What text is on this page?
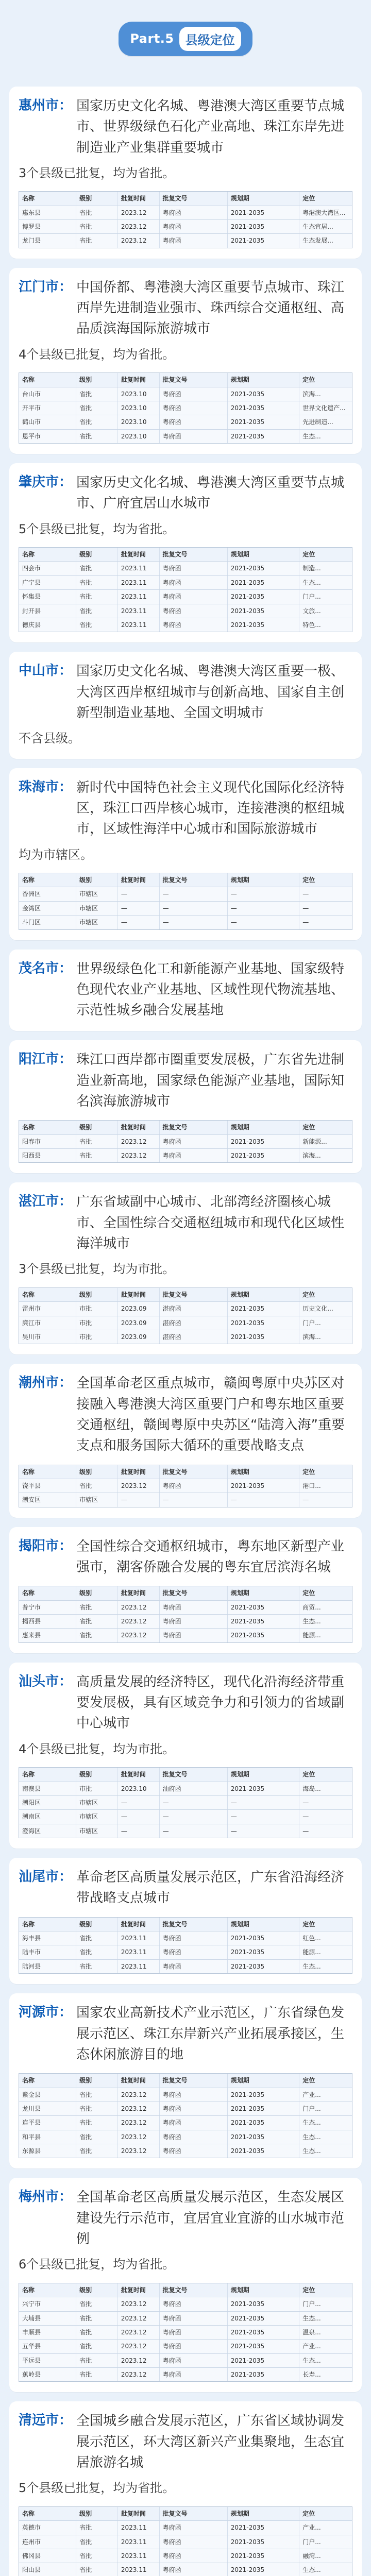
Part.5 县级定位
惠州市： 国家历史文化名城、粤港澳大湾区重要节点城市、世界级绿色石化产业高地、珠江东岸先进制造业产业集群重要城市
3个县级已批复，均为省批。
名称	级别	批复时间	批复文号	规划期	定位
惠东县	省批	2023.12	粤府函	2021-2035	粤港澳大湾区...
博罗县	省批	2023.12	粤府函	2021-2035	生态宜居...
龙门县	省批	2023.12	粤府函	2021-2035	生态发展...
江门市： 中国侨都、粤港澳大湾区重要节点城市、珠江西岸先进制造业强市、珠西综合交通枢纽、高品质滨海国际旅游城市
4个县级已批复，均为省批。
名称	级别	批复时间	批复文号	规划期	定位
台山市	省批	2023.10	粤府函	2021-2035	滨海...
开平市	省批	2023.10	粤府函	2021-2035	世界文化遗产...
鹤山市	省批	2023.10	粤府函	2021-2035	先进制造...
恩平市	省批	2023.10	粤府函	2021-2035	生态...
肇庆市： 国家历史文化名城、粤港澳大湾区重要节点城市、广府宜居山水城市
5个县级已批复，均为省批。
名称	级别	批复时间	批复文号	规划期	定位
四会市	省批	2023.11	粤府函	2021-2035	制造...
广宁县	省批	2023.11	粤府函	2021-2035	生态...
怀集县	省批	2023.11	粤府函	2021-2035	门户...
封开县	省批	2023.11	粤府函	2021-2035	文旅...
德庆县	省批	2023.11	粤府函	2021-2035	特色...
中山市： 国家历史文化名城、粤港澳大湾区重要一极、大湾区西岸枢纽城市与创新高地、国家自主创新型制造业基地、全国文明城市
不含县级。
珠海市： 新时代中国特色社会主义现代化国际化经济特区，珠江口西岸核心城市，连接港澳的枢纽城市，区域性海洋中心城市和国际旅游城市
均为市辖区。
名称	级别	批复时间	批复文号	规划期	定位
香洲区	市辖区	—	—	—	—
金湾区	市辖区	—	—	—	—
斗门区	市辖区	—	—	—	—
茂名市： 世界级绿色化工和新能源产业基地、国家级特色现代农业产业基地、区域性现代物流基地、示范性城乡融合发展基地
阳江市： 珠江口西岸都市圈重要发展极，广东省先进制造业新高地，国家绿色能源产业基地，国际知名滨海旅游城市
名称	级别	批复时间	批复文号	规划期	定位
阳春市	省批	2023.12	粤府函	2021-2035	新能源...
阳西县	省批	2023.12	粤府函	2021-2035	滨海...
湛江市： 广东省域副中心城市、北部湾经济圈核心城市、全国性综合交通枢纽城市和现代化区域性海洋城市
3个县级已批复，均为市批。
名称	级别	批复时间	批复文号	规划期	定位
雷州市	市批	2023.09	湛府函	2021-2035	历史文化...
廉江市	市批	2023.09	湛府函	2021-2035	门户...
吴川市	市批	2023.09	湛府函	2021-2035	滨海...
潮州市： 全国革命老区重点城市，赣闽粤原中央苏区对接融入粤港澳大湾区重要门户和粤东地区重要交通枢纽，赣闽粤原中央苏区“陆湾入海”重要支点和服务国际大循环的重要战略支点
名称	级别	批复时间	批复文号	规划期	定位
饶平县	省批	2023.12	粤府函	2021-2035	港口...
潮安区	市辖区	—	—	—	—
揭阳市： 全国性综合交通枢纽城市，粤东地区新型产业强市，潮客侨融合发展的粤东宜居滨海名城
名称	级别	批复时间	批复文号	规划期	定位
普宁市	省批	2023.12	粤府函	2021-2035	商贸...
揭西县	省批	2023.12	粤府函	2021-2035	生态...
惠来县	省批	2023.12	粤府函	2021-2035	能源...
汕头市： 高质量发展的经济特区，现代化沿海经济带重要发展极，具有区域竞争力和引领力的省域副中心城市
4个县级已批复，均为市批。
名称	级别	批复时间	批复文号	规划期	定位
南澳县	市批	2023.10	汕府函	2021-2035	海岛...
潮阳区	市辖区	—	—	—	—
潮南区	市辖区	—	—	—	—
澄海区	市辖区	—	—	—	—
汕尾市： 革命老区高质量发展示范区，广东省沿海经济带战略支点城市
名称	级别	批复时间	批复文号	规划期	定位
海丰县	省批	2023.11	粤府函	2021-2035	红色...
陆丰市	省批	2023.11	粤府函	2021-2035	能源...
陆河县	省批	2023.11	粤府函	2021-2035	生态...
河源市： 国家农业高新技术产业示范区，广东省绿色发展示范区、珠江东岸新兴产业拓展承接区，生态休闲旅游目的地
名称	级别	批复时间	批复文号	规划期	定位
紫金县	省批	2023.12	粤府函	2021-2035	产业...
龙川县	省批	2023.12	粤府函	2021-2035	门户...
连平县	省批	2023.12	粤府函	2021-2035	生态...
和平县	省批	2023.12	粤府函	2021-2035	生态...
东源县	省批	2023.12	粤府函	2021-2035	生态...
梅州市： 全国革命老区高质量发展示范区，生态发展区建设先行示范市，宜居宜业宜游的山水城市范例
6个县级已批复，均为省批。
名称	级别	批复时间	批复文号	规划期	定位
兴宁市	省批	2023.12	粤府函	2021-2035	门户...
大埔县	省批	2023.12	粤府函	2021-2035	生态...
丰顺县	省批	2023.12	粤府函	2021-2035	温泉...
五华县	省批	2023.12	粤府函	2021-2035	产业...
平远县	省批	2023.12	粤府函	2021-2035	生态...
蕉岭县	省批	2023.12	粤府函	2021-2035	长寿...
清远市： 全国城乡融合发展示范区，广东省区域协调发展示范区，环大湾区新兴产业集聚地，生态宜居旅游名城
5个县级已批复，均为省批。
名称	级别	批复时间	批复文号	规划期	定位
英德市	省批	2023.11	粤府函	2021-2035	产业...
连州市	省批	2023.11	粤府函	2021-2035	门户...
佛冈县	省批	2023.11	粤府函	2021-2035	融湾...
阳山县	省批	2023.11	粤府函	2021-2035	生态...
